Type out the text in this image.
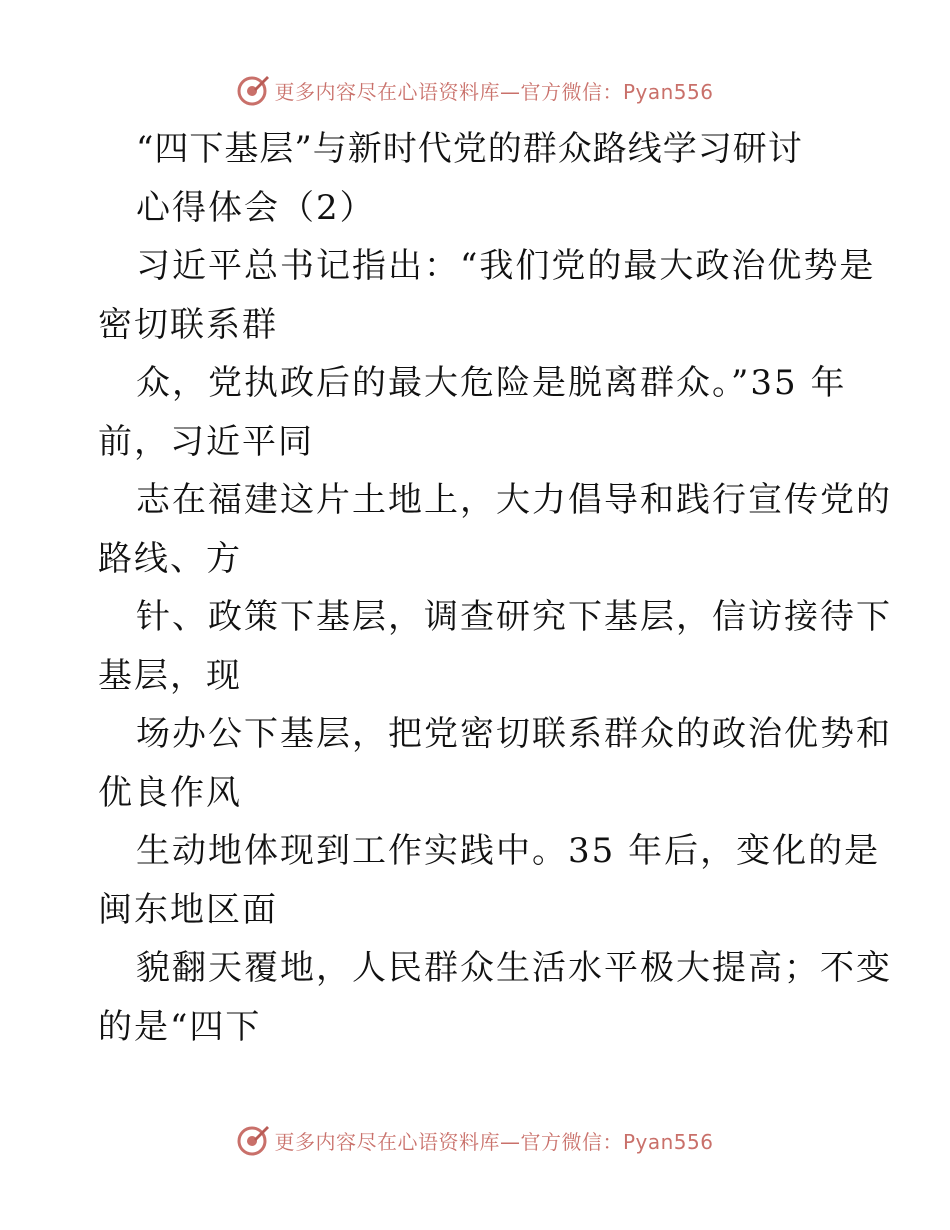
更多内容尽在心语资料库—官方微信：Pyan556
“四下基层”与新时代党的群众路线学习研讨
心得体会（2）
习近平总书记指出：“我们党的最大政治优势是
密切联系群
众，党执政后的最大危险是脱离群众。”35 年
前，习近平同
志在福建这片土地上，大力倡导和践行宣传党的
路线、方
针、政策下基层，调查研究下基层，信访接待下
基层，现
场办公下基层，把党密切联系群众的政治优势和
优良作风
生动地体现到工作实践中。35 年后，变化的是
闽东地区面
貌翻天覆地，人民群众生活水平极大提高；不变
的是“四下
更多内容尽在心语资料库—官方微信：Pyan556
